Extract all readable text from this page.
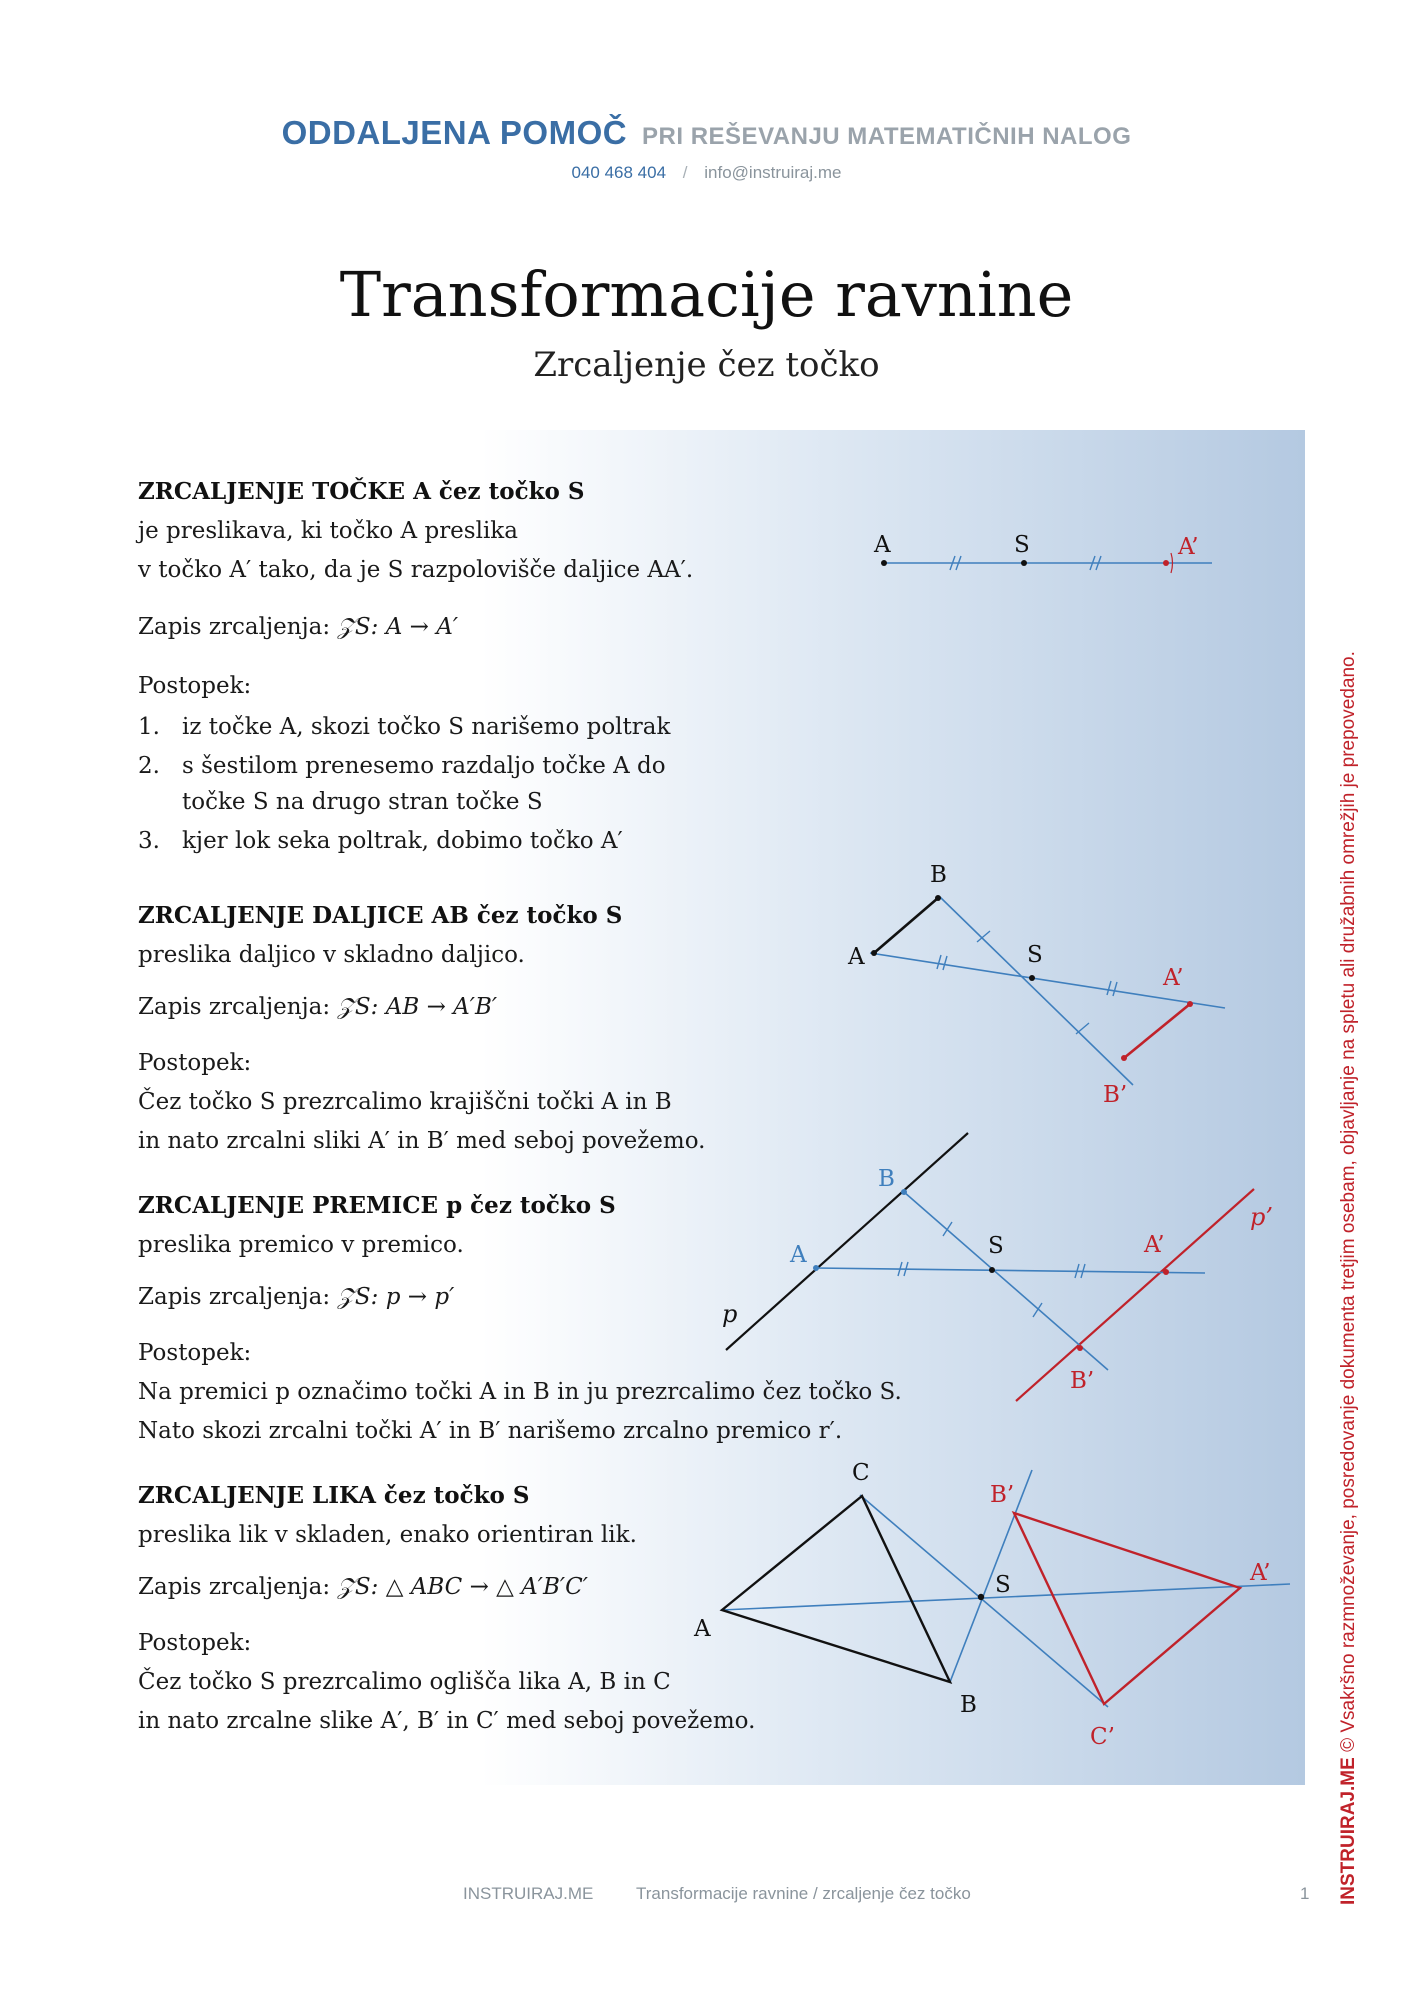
ODDALJENA POMOČ PRI REŠEVANJU MATEMATIČNIH NALOG
040 468 404 / info@instruiraj.me
Transformacije ravnine
Zrcaljenje čez točko
ZRCALJENJE TOČKE A čez točko S
je preslikava, ki točko A preslika
v točko A′ tako, da je S razpolovišče daljice AA′.
Zapis zrcaljenja: 𝒵S: A → A′
Postopek:
1. iz točke A, skozi točko S narišemo poltrak
2. s šestilom prenesemo razdaljo točke A do
točke S na drugo stran točke S
3. kjer lok seka poltrak, dobimo točko A′
ZRCALJENJE DALJICE AB čez točko S
preslika daljico v skladno daljico.
Zapis zrcaljenja: 𝒵S: AB → A′B′
Postopek:
Čez točko S prezrcalimo krajiščni točki A in B
in nato zrcalni sliki A′ in B′ med seboj povežemo.
ZRCALJENJE PREMICE p čez točko S
preslika premico v premico.
Zapis zrcaljenja: 𝒵S: p → p′
Postopek:
Na premici p označimo točki A in B in ju prezrcalimo čez točko S.
Nato skozi zrcalni točki A′ in B′ narišemo zrcalno premico r′.
ZRCALJENJE LIKA čez točko S
preslika lik v skladen, enako orientiran lik.
Zapis zrcaljenja: 𝒵S: △ ABC → △ A′B′C′
Postopek:
Čez točko S prezrcalimo oglišča lika A, B in C
in nato zrcalne slike A′, B′ in C′ med seboj povežemo.
A	S	A’
A
B
S
A’
B’
A
B
S	A’
B’
p
p’
A
B
C
S	A’
B’
C’
INSTRUIRAJ.ME	Transformacije ravnine / zrcaljenje čez točko	1 INSTRUIRAJ.ME © Vsakršno razmnoževanje, posredovanje dokumenta tretjim osebam, objavljanje na spletu ali družabnih omrežjih je prepovedano.
